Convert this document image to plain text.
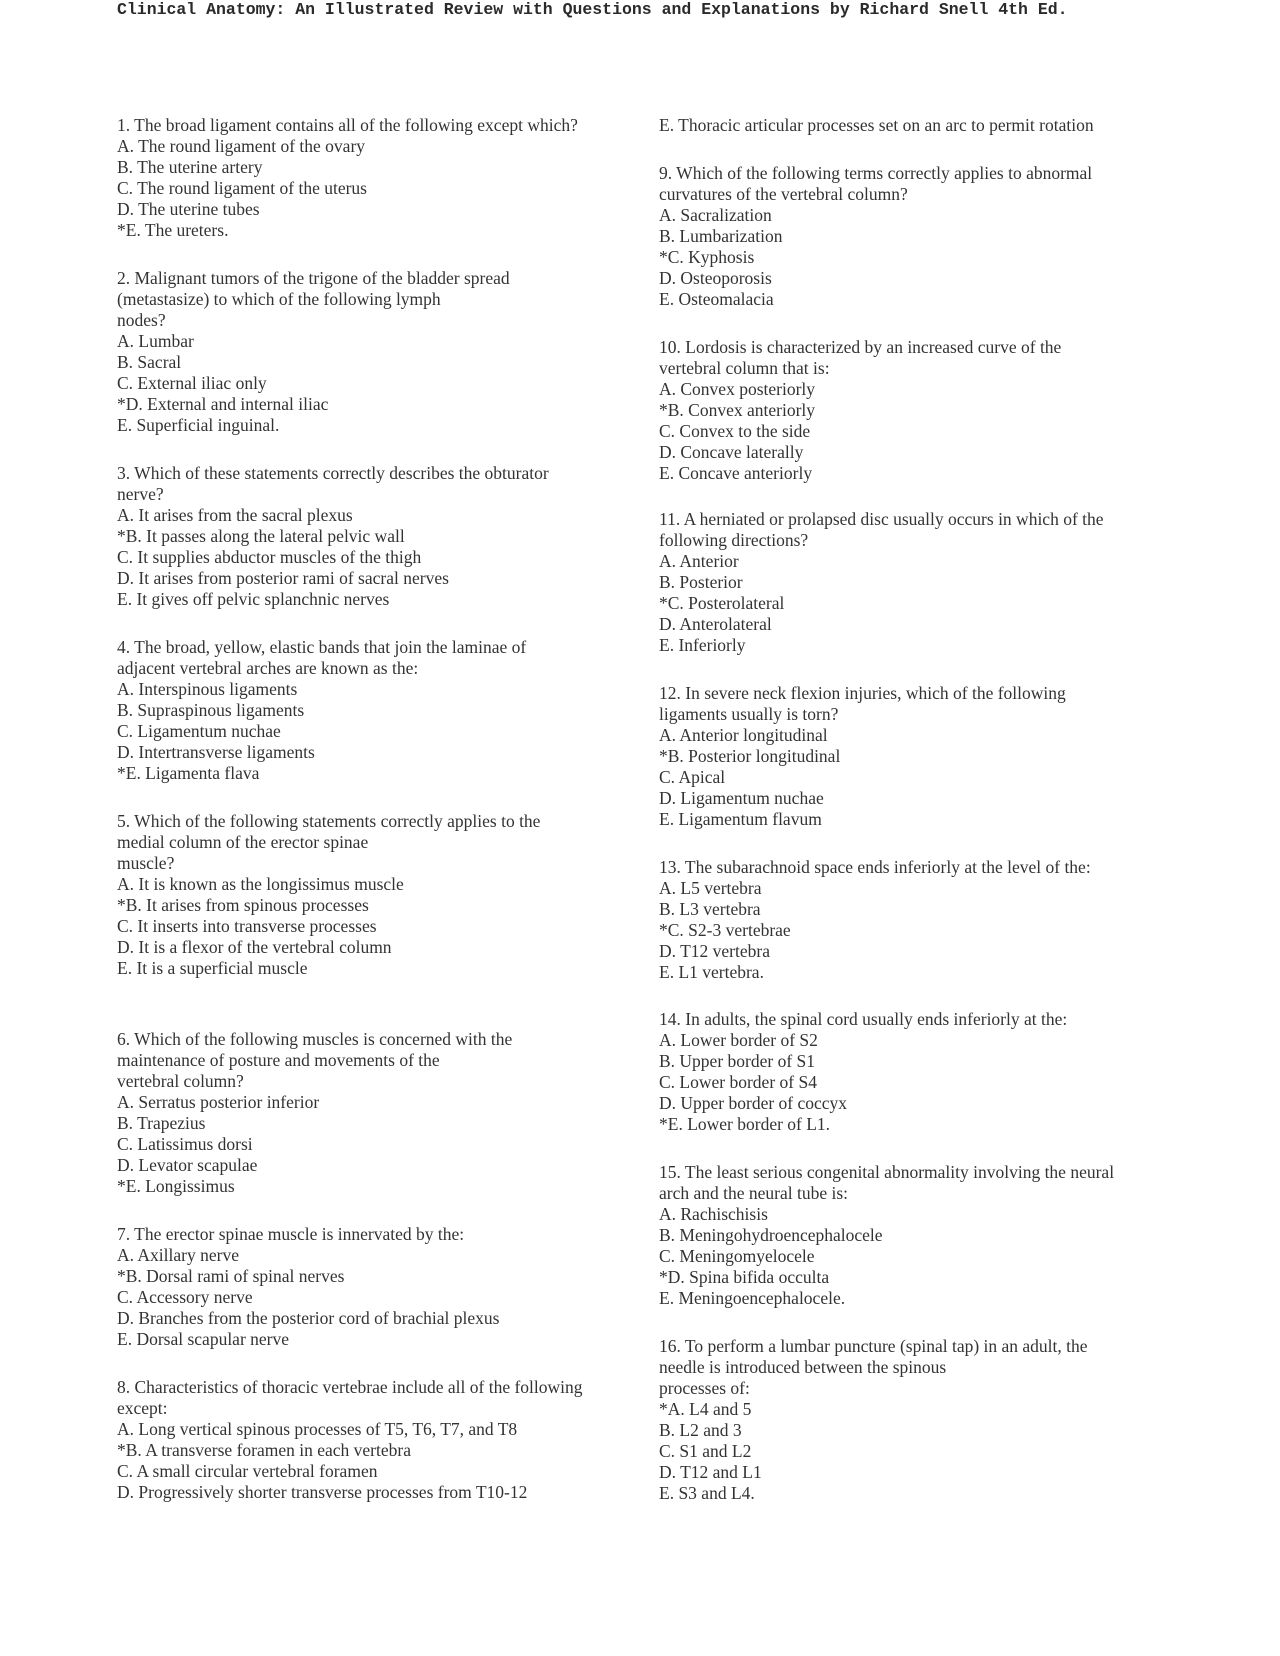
Clinical Anatomy: An Illustrated Review with Questions and Explanations by Richard Snell 4th Ed.
1. The broad ligament contains all of the following except which?
A. The round ligament of the ovary
B. The uterine artery
C. The round ligament of the uterus
D. The uterine tubes
*E. The ureters.
2. Malignant tumors of the trigone of the bladder spread
(metastasize) to which of the following lymph
nodes?
A. Lumbar
B. Sacral
C. External iliac only
*D. External and internal iliac
E. Superficial inguinal.
3. Which of these statements correctly describes the obturator
nerve?
A. It arises from the sacral plexus
*B. It passes along the lateral pelvic wall
C. It supplies abductor muscles of the thigh
D. It arises from posterior rami of sacral nerves
E. It gives off pelvic splanchnic nerves
4. The broad, yellow, elastic bands that join the laminae of
adjacent vertebral arches are known as the:
A. Interspinous ligaments
B. Supraspinous ligaments
C. Ligamentum nuchae
D. Intertransverse ligaments
*E. Ligamenta flava
5. Which of the following statements correctly applies to the
medial column of the erector spinae
muscle?
A. It is known as the longissimus muscle
*B. It arises from spinous processes
C. It inserts into transverse processes
D. It is a flexor of the vertebral column
E. It is a superficial muscle
6. Which of the following muscles is concerned with the
maintenance of posture and movements of the
vertebral column?
A. Serratus posterior inferior
B. Trapezius
C. Latissimus dorsi
D. Levator scapulae
*E. Longissimus
7. The erector spinae muscle is innervated by the:
A. Axillary nerve
*B. Dorsal rami of spinal nerves
C. Accessory nerve
D. Branches from the posterior cord of brachial plexus
E. Dorsal scapular nerve
8. Characteristics of thoracic vertebrae include all of the following
except:
A. Long vertical spinous processes of T5, T6, T7, and T8
*B. A transverse foramen in each vertebra
C. A small circular vertebral foramen
D. Progressively shorter transverse processes from T10-12
E. Thoracic articular processes set on an arc to permit rotation
9. Which of the following terms correctly applies to abnormal
curvatures of the vertebral column?
A. Sacralization
B. Lumbarization
*C. Kyphosis
D. Osteoporosis
E. Osteomalacia
10. Lordosis is characterized by an increased curve of the
vertebral column that is:
A. Convex posteriorly
*B. Convex anteriorly
C. Convex to the side
D. Concave laterally
E. Concave anteriorly
11. A herniated or prolapsed disc usually occurs in which of the
following directions?
A. Anterior
B. Posterior
*C. Posterolateral
D. Anterolateral
E. Inferiorly
12. In severe neck flexion injuries, which of the following
ligaments usually is torn?
A. Anterior longitudinal
*B. Posterior longitudinal
C. Apical
D. Ligamentum nuchae
E. Ligamentum flavum
13. The subarachnoid space ends inferiorly at the level of the:
A. L5 vertebra
B. L3 vertebra
*C. S2-3 vertebrae
D. T12 vertebra
E. L1 vertebra.
14. In adults, the spinal cord usually ends inferiorly at the:
A. Lower border of S2
B. Upper border of S1
C. Lower border of S4
D. Upper border of coccyx
*E. Lower border of L1.
15. The least serious congenital abnormality involving the neural
arch and the neural tube is:
A. Rachischisis
B. Meningohydroencephalocele
C. Meningomyelocele
*D. Spina bifida occulta
E. Meningoencephalocele.
16. To perform a lumbar puncture (spinal tap) in an adult, the
needle is introduced between the spinous
processes of:
*A. L4 and 5
B. L2 and 3
C. S1 and L2
D. T12 and L1
E. S3 and L4.
